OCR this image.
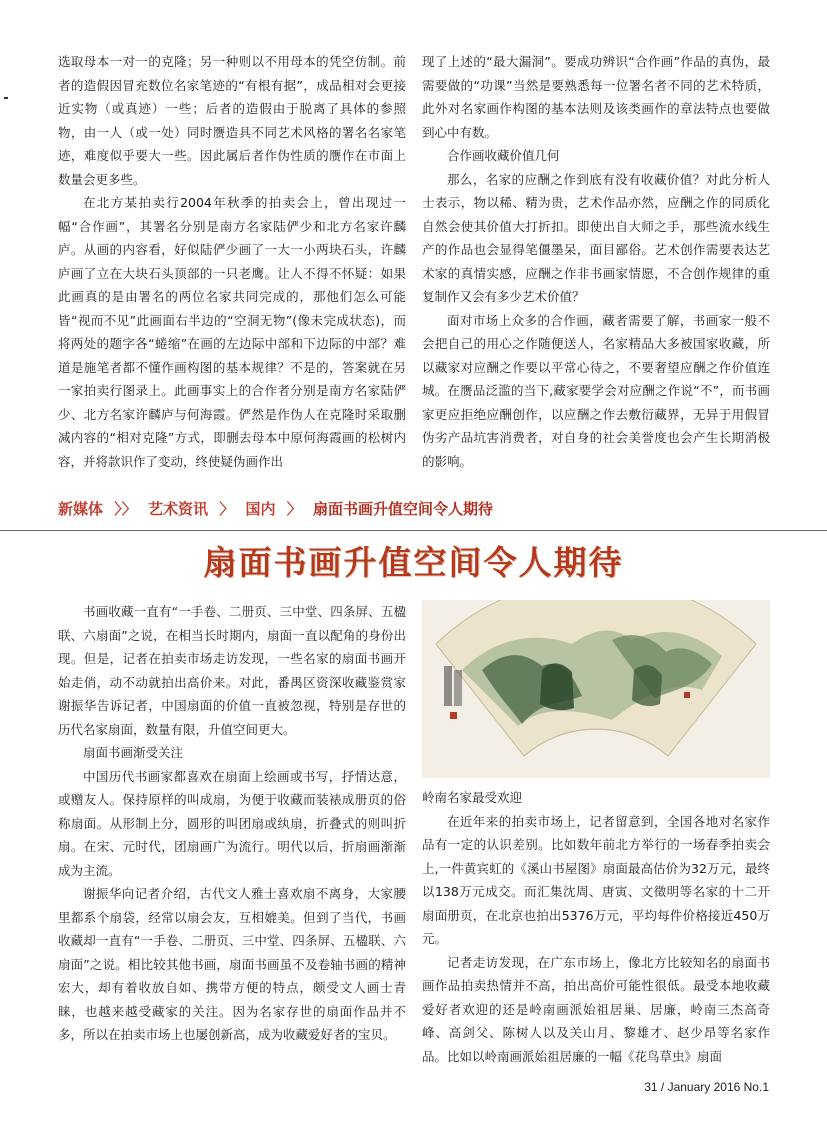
选取母本一对一的克隆；另一种则以不用母本的凭空仿制。前者的造假因冒充数位名家笔迹的“有根有据”，成品相对会更接近实物（或真迹）一些；后者的造假由于脱离了具体的参照物，由一人（或一处）同时赝造具不同艺术风格的署名名家笔迹，难度似乎要大一些。因此属后者作伪性质的赝作在市面上数量会更多些。

在北方某拍卖行2004年秋季的拍卖会上，曾出现过一幅“合作画”，其署名分别是南方名家陆俨少和北方名家许麟庐。从画的内容看，好似陆俨少画了一大一小两块石头，许麟庐画了立在大块石头顶部的一只老鹰。让人不得不怀疑：如果此画真的是由署名的两位名家共同完成的，那他们怎么可能皆“视而不见”此画面右半边的“空洞无物”(像未完成状态)，而将两处的题字各“蜷缩”在画的左边际中部和下边际的中部？难道是施笔者都不懂作画构图的基本规律？不是的，答案就在另一家拍卖行图录上。此画事实上的合作者分别是南方名家陆俨少、北方名家许麟庐与何海霞。俨然是作伪人在克隆时采取删减内容的“相对克隆”方式，即删去母本中原何海霞画的松树内容，并将款识作了变动，终使疑伪画作出

现了上述的“最大漏洞”。要成功辨识“合作画”作品的真伪，最需要做的“功课”当然是要熟悉每一位署名者不同的艺术特质，此外对名家画作构图的基本法则及该类画作的章法特点也要做到心中有数。

合作画收藏价值几何

那么，名家的应酬之作到底有没有收藏价值？对此分析人士表示，物以稀、精为贵，艺术作品亦然，应酬之作的同质化自然会使其价值大打折扣。即使出自大师之手，那些流水线生产的作品也会显得笔僵墨呆，面目鄙俗。艺术创作需要表达艺术家的真情实感，应酬之作非书画家情愿，不合创作规律的重复制作又会有多少艺术价值？

面对市场上众多的合作画，藏者需要了解，书画家一般不会把自己的用心之作随便送人，名家精品大多被国家收藏，所以藏家对应酬之作要以平常心待之，不要奢望应酬之作价值连城。在赝品泛滥的当下,藏家要学会对应酬之作说“不”，而书画家更应拒绝应酬创作，以应酬之作去敷衍藏界，无异于用假冒伪劣产品坑害消费者，对自身的社会美誉度也会产生长期消极的影响。

新媒体 〉〉 艺术资讯 〉 国内 〉 扇面书画升值空间令人期待
扇面书画升值空间令人期待

书画收藏一直有“一手卷、二册页、三中堂、四条屏、五楹联、六扇面”之说，在相当长时期内，扇面一直以配角的身份出现。但是，记者在拍卖市场走访发现，一些名家的扇面书画开始走俏，动不动就拍出高价来。对此，番禺区资深收藏鉴赏家谢振华告诉记者，中国扇面的价值一直被忽视，特别是存世的历代名家扇面，数量有限，升值空间更大。

扇面书画渐受关注

中国历代书画家都喜欢在扇面上绘画或书写，抒情达意，或赠友人。保持原样的叫成扇，为便于收藏而装裱成册页的俗称扇面。从形制上分，圆形的叫团扇或纨扇，折叠式的则叫折扇。在宋、元时代，团扇画广为流行。明代以后，折扇画渐渐成为主流。

谢振华向记者介绍，古代文人雅士喜欢扇不离身，大家腰里都系个扇袋，经常以扇会友，互相媲美。但到了当代，书画收藏却一直有“一手卷、二册页、三中堂、四条屏、五楹联、六扇面”之说。相比较其他书画，扇面书画虽不及卷轴书画的精神宏大，却有着收放自如、携带方便的特点，颇受文人画士青睐，也越来越受藏家的关注。因为名家存世的扇面作品并不多，所以在拍卖市场上也屡创新高，成为收藏爱好者的宝贝。

岭南名家最受欢迎

在近年来的拍卖市场上，记者留意到，全国各地对名家作品有一定的认识差别。比如数年前北方举行的一场春季拍卖会上,一件黄宾虹的《溪山书屋图》扇面最高估价为32万元，最终以138万元成交。而汇集沈周、唐寅、文徵明等名家的十二开扇面册页，在北京也拍出5376万元，平均每件价格接近450万元。

记者走访发现，在广东市场上，像北方比较知名的扇面书画作品拍卖热情并不高，拍出高价可能性很低。最受本地收藏爱好者欢迎的还是岭南画派始祖居巢、居廉，岭南三杰高奇峰、高剑父、陈树人以及关山月、黎雄才、赵少昂等名家作品。比如以岭南画派始祖居廉的一幅《花鸟草虫》扇面

31 / January 2016 No.1
